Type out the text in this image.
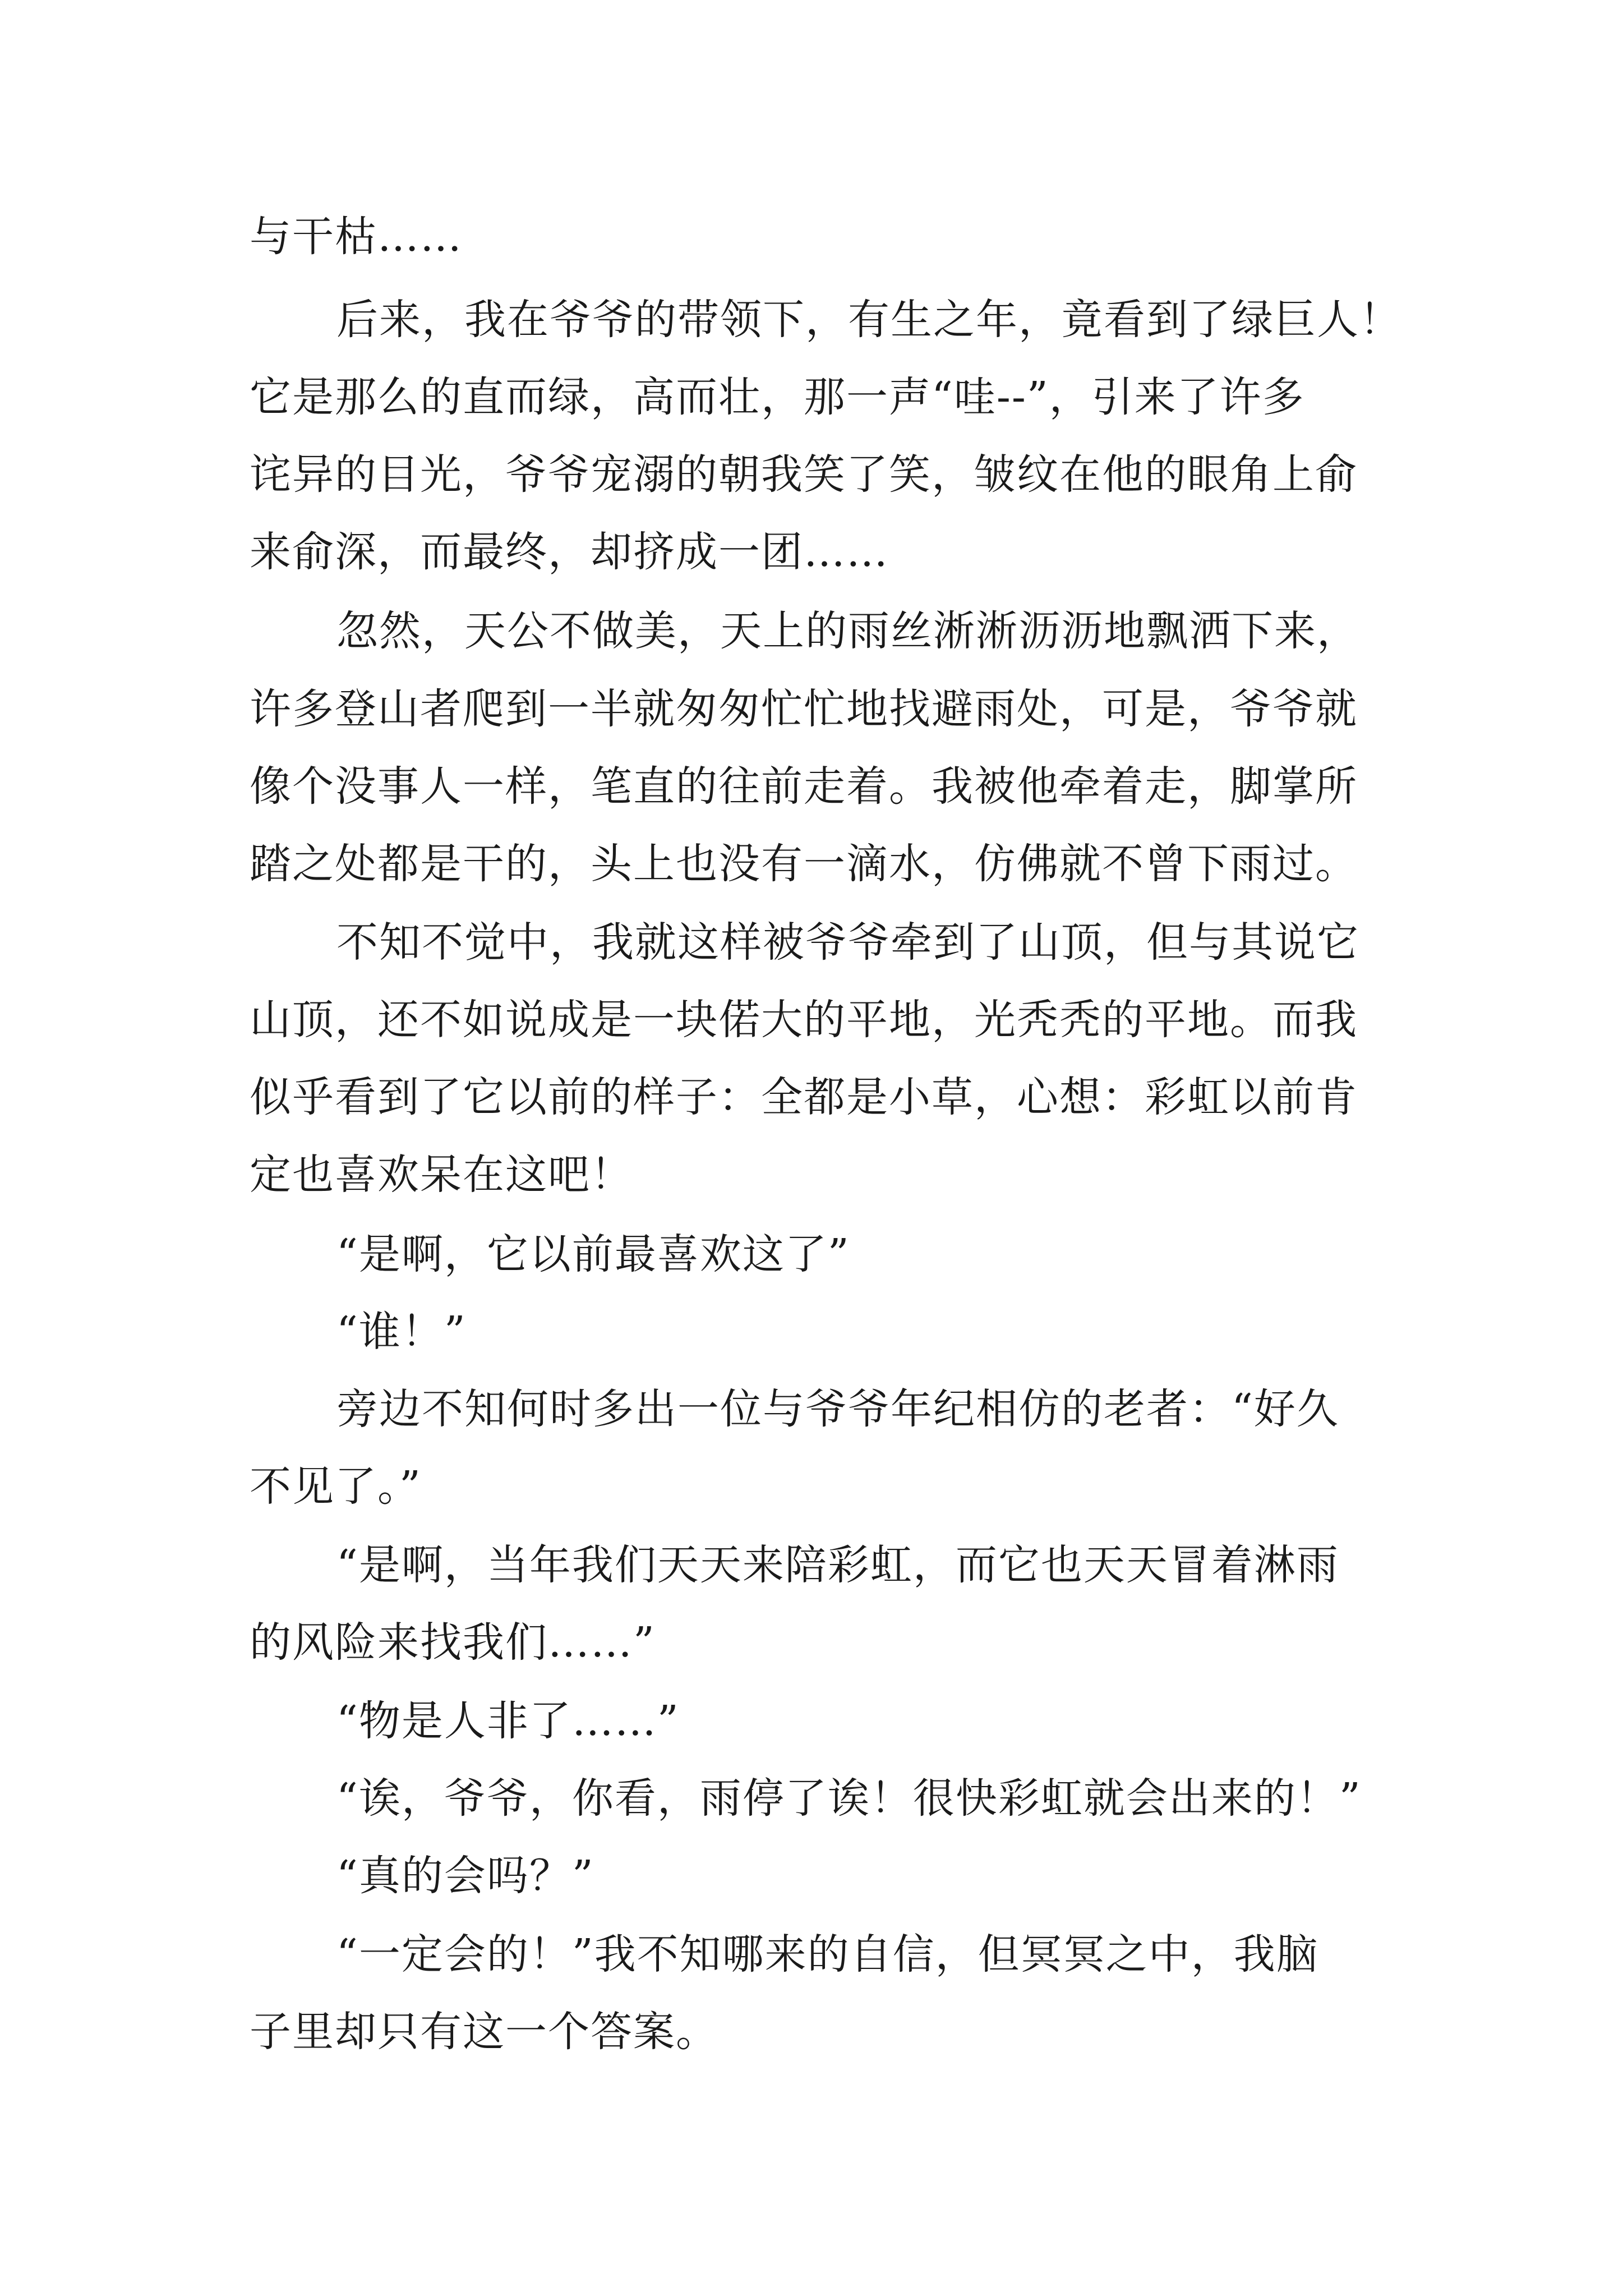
与干枯……

后来，我在爷爷的带领下，有生之年，竟看到了绿巨人！

它是那么的直而绿，高而壮，那一声“哇--”，引来了许多

诧异的目光，爷爷宠溺的朝我笑了笑，皱纹在他的眼角上俞

来俞深，而最终，却挤成一团……

忽然，天公不做美，天上的雨丝淅淅沥沥地飘洒下来，

许多登山者爬到一半就匆匆忙忙地找避雨处，可是，爷爷就

像个没事人一样，笔直的往前走着。我被他牵着走，脚掌所

踏之处都是干的，头上也没有一滴水，仿佛就不曾下雨过。

不知不觉中，我就这样被爷爷牵到了山顶，但与其说它

山顶，还不如说成是一块偌大的平地，光秃秃的平地。而我

似乎看到了它以前的样子：全都是小草，心想：彩虹以前肯

定也喜欢呆在这吧！

“是啊，它以前最喜欢这了”

“谁！”

旁边不知何时多出一位与爷爷年纪相仿的老者：“好久

不见了。”

“是啊，当年我们天天来陪彩虹，而它也天天冒着淋雨

的风险来找我们……”

“物是人非了……”

“诶，爷爷，你看，雨停了诶！很快彩虹就会出来的！”

“真的会吗？”

“一定会的！”我不知哪来的自信，但冥冥之中，我脑

子里却只有这一个答案。
